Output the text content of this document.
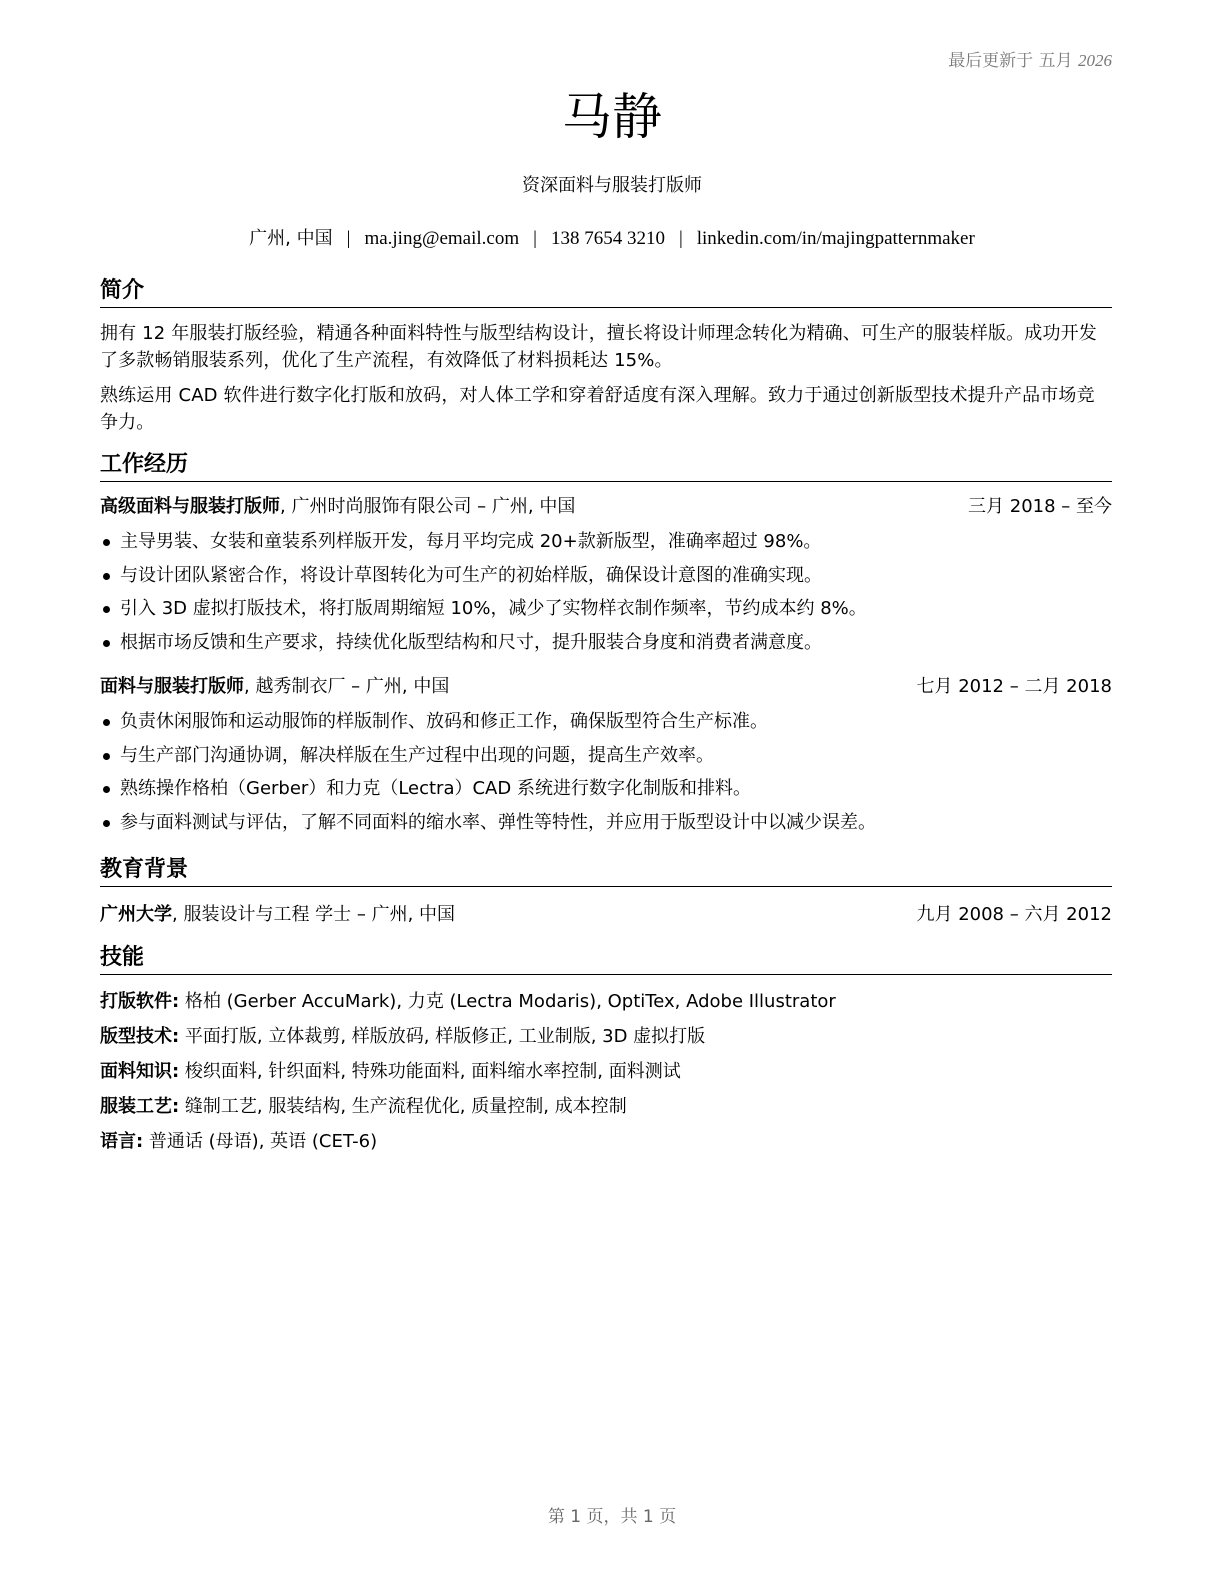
最后更新于 五月 2026
马静
资深面料与服装打版师
广州, 中国 | ma.jing@email.com | 138 7654 3210 | linkedin.com/in/majingpatternmaker
简介

拥有 12 年服装打版经验，精通各种面料特性与版型结构设计，擅长将设计师理念转化为精确、可生产的服装样版。成功开发了多款畅销服装系列，优化了生产流程，有效降低了材料损耗达 15%。

熟练运用 CAD 软件进行数字化打版和放码，对人体工学和穿着舒适度有深入理解。致力于通过创新版型技术提升产品市场竞争力。

工作经历
高级面料与服装打版师, 广州时尚服饰有限公司 – 广州, 中国	三月 2018 – 至今
主导男装、女装和童装系列样版开发，每月平均完成 20+款新版型，准确率超过 98%。
与设计团队紧密合作，将设计草图转化为可生产的初始样版，确保设计意图的准确实现。
引入 3D 虚拟打版技术，将打版周期缩短 10%，减少了实物样衣制作频率，节约成本约 8%。
根据市场反馈和生产要求，持续优化版型结构和尺寸，提升服装合身度和消费者满意度。
面料与服装打版师, 越秀制衣厂 – 广州, 中国	七月 2012 – 二月 2018
负责休闲服饰和运动服饰的样版制作、放码和修正工作，确保版型符合生产标准。
与生产部门沟通协调，解决样版在生产过程中出现的问题，提高生产效率。
熟练操作格柏（Gerber）和力克（Lectra）CAD 系统进行数字化制版和排料。
参与面料测试与评估，了解不同面料的缩水率、弹性等特性，并应用于版型设计中以减少误差。
教育背景
广州大学, 服装设计与工程 学士 – 广州, 中国	九月 2008 – 六月 2012
技能
打版软件: 格柏 (Gerber AccuMark), 力克 (Lectra Modaris), OptiTex, Adobe Illustrator
版型技术: 平面打版, 立体裁剪, 样版放码, 样版修正, 工业制版, 3D 虚拟打版
面料知识: 梭织面料, 针织面料, 特殊功能面料, 面料缩水率控制, 面料测试
服装工艺: 缝制工艺, 服装结构, 生产流程优化, 质量控制, 成本控制
语言: 普通话 (母语), 英语 (CET-6)
第 1 页，共 1 页
